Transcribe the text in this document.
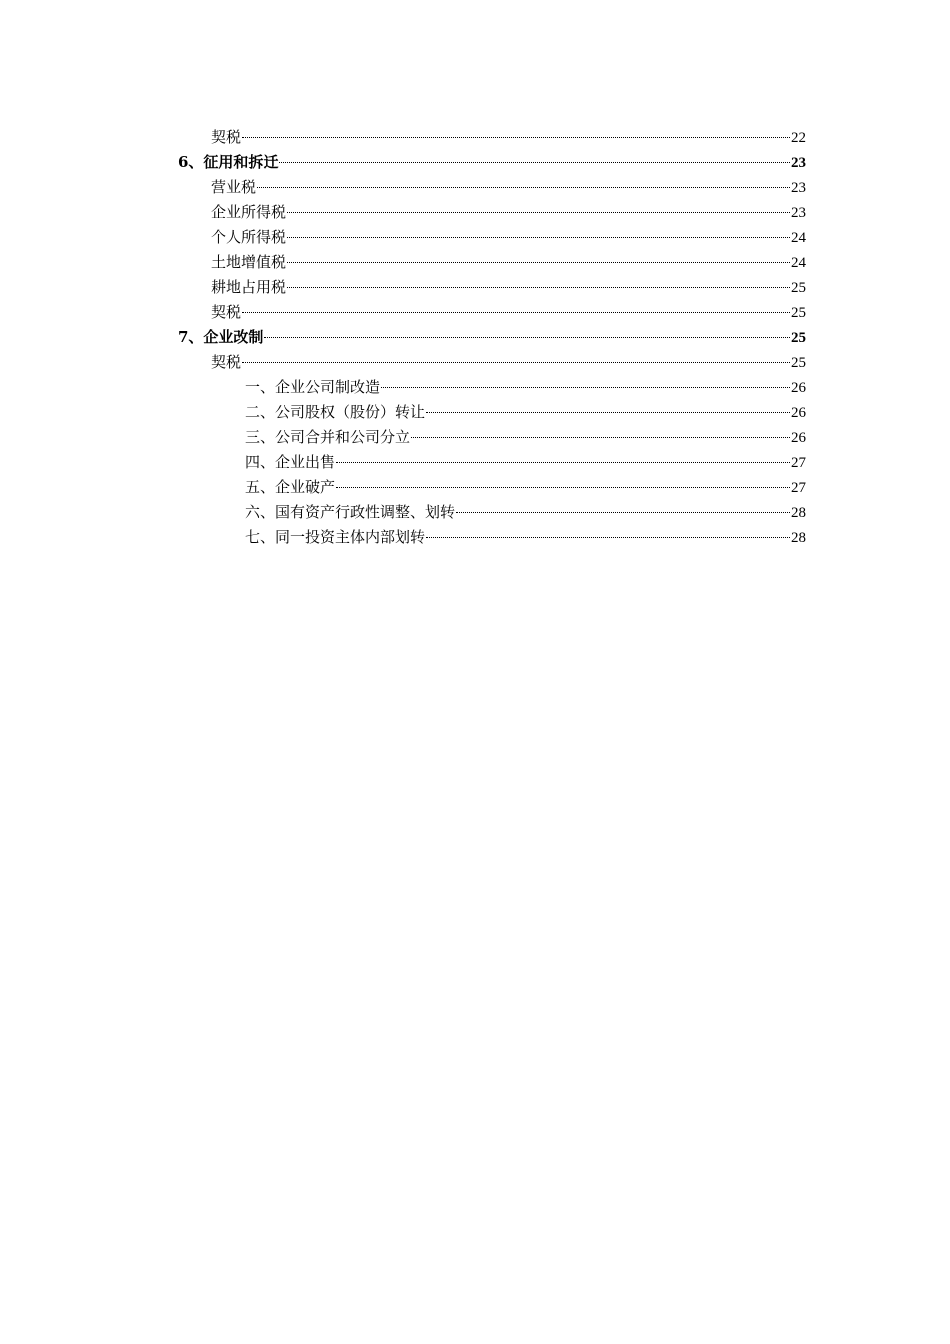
契税	22
6、征用和拆迁	23
营业税	23
企业所得税	23
个人所得税	24
土地增值税	24
耕地占用税	25
契税	25
7、企业改制	25
契税	25
一、企业公司制改造	26
二、公司股权（股份）转让	26
三、公司合并和公司分立	26
四、企业出售	27
五、企业破产	27
六、国有资产行政性调整、划转	28
七、同一投资主体内部划转	28
